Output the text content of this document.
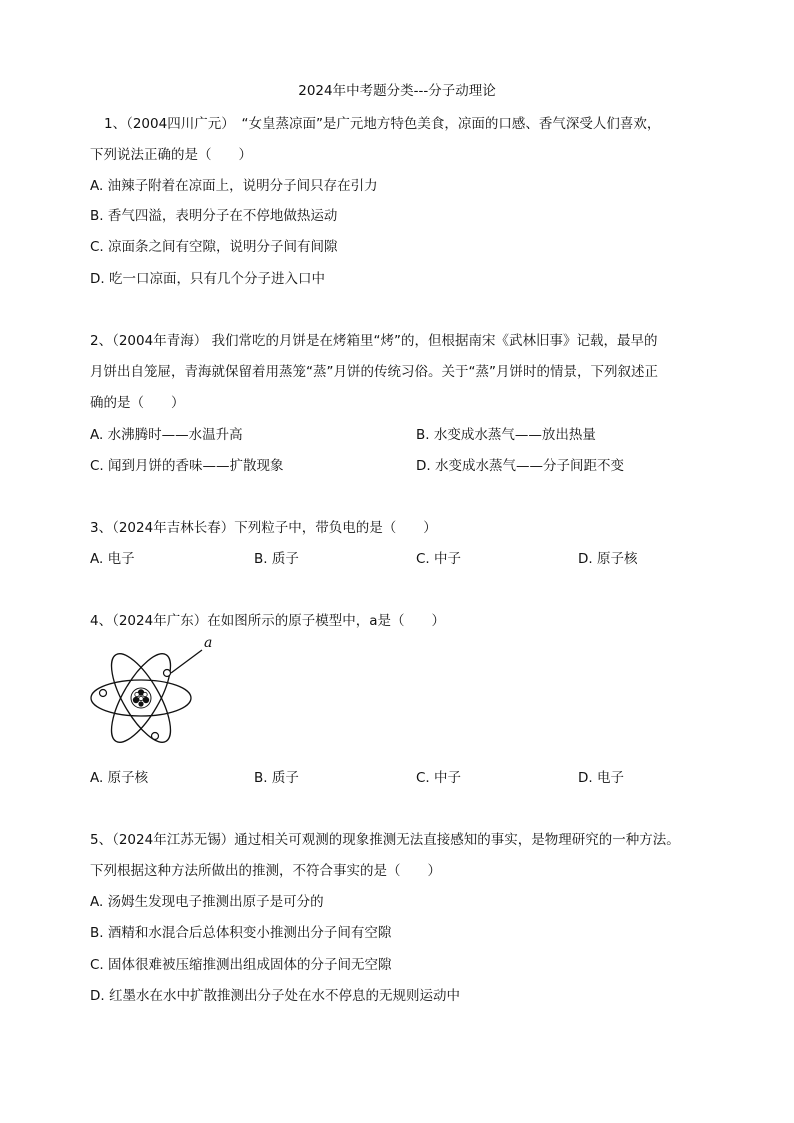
2024年中考题分类---分子动理论
1、（2004四川广元）　“女皇蒸凉面”是广元地方特色美食，凉面的口感、香气深受人们喜欢，
下列说法正确的是（　　）
A. 油辣子附着在凉面上，说明分子间只存在引力
B. 香气四溢，表明分子在不停地做热运动
C. 凉面条之间有空隙，说明分子间有间隙
D. 吃一口凉面，只有几个分子进入口中
2、（2004年青海） 我们常吃的月饼是在烤箱里“烤”的，但根据南宋《武林旧事》记载，最早的
月饼出自笼屉，青海就保留着用蒸笼“蒸”月饼的传统习俗。关于“蒸”月饼时的情景，下列叙述正
确的是（　　）
A. 水沸腾时——水温升高	B. 水变成水蒸气——放出热量
C. 闻到月饼的香味——扩散现象	D. 水变成水蒸气——分子间距不变
3、（2024年吉林长春）下列粒子中，带负电的是（　　）
A. 电子	B. 质子	C. 中子	D. 原子核
4、（2024年广东）在如图所示的原子模型中，a是（　　）
a
A. 原子核	B. 质子	C. 中子	D. 电子
5、（2024年江苏无锡）通过相关可观测的现象推测无法直接感知的事实，是物理研究的一种方法。
下列根据这种方法所做出的推测，不符合事实的是（　　）
A. 汤姆生发现电子推测出原子是可分的
B. 酒精和水混合后总体积变小推测出分子间有空隙
C. 固体很难被压缩推测出组成固体的分子间无空隙
D. 红墨水在水中扩散推测出分子处在水不停息的无规则运动中
